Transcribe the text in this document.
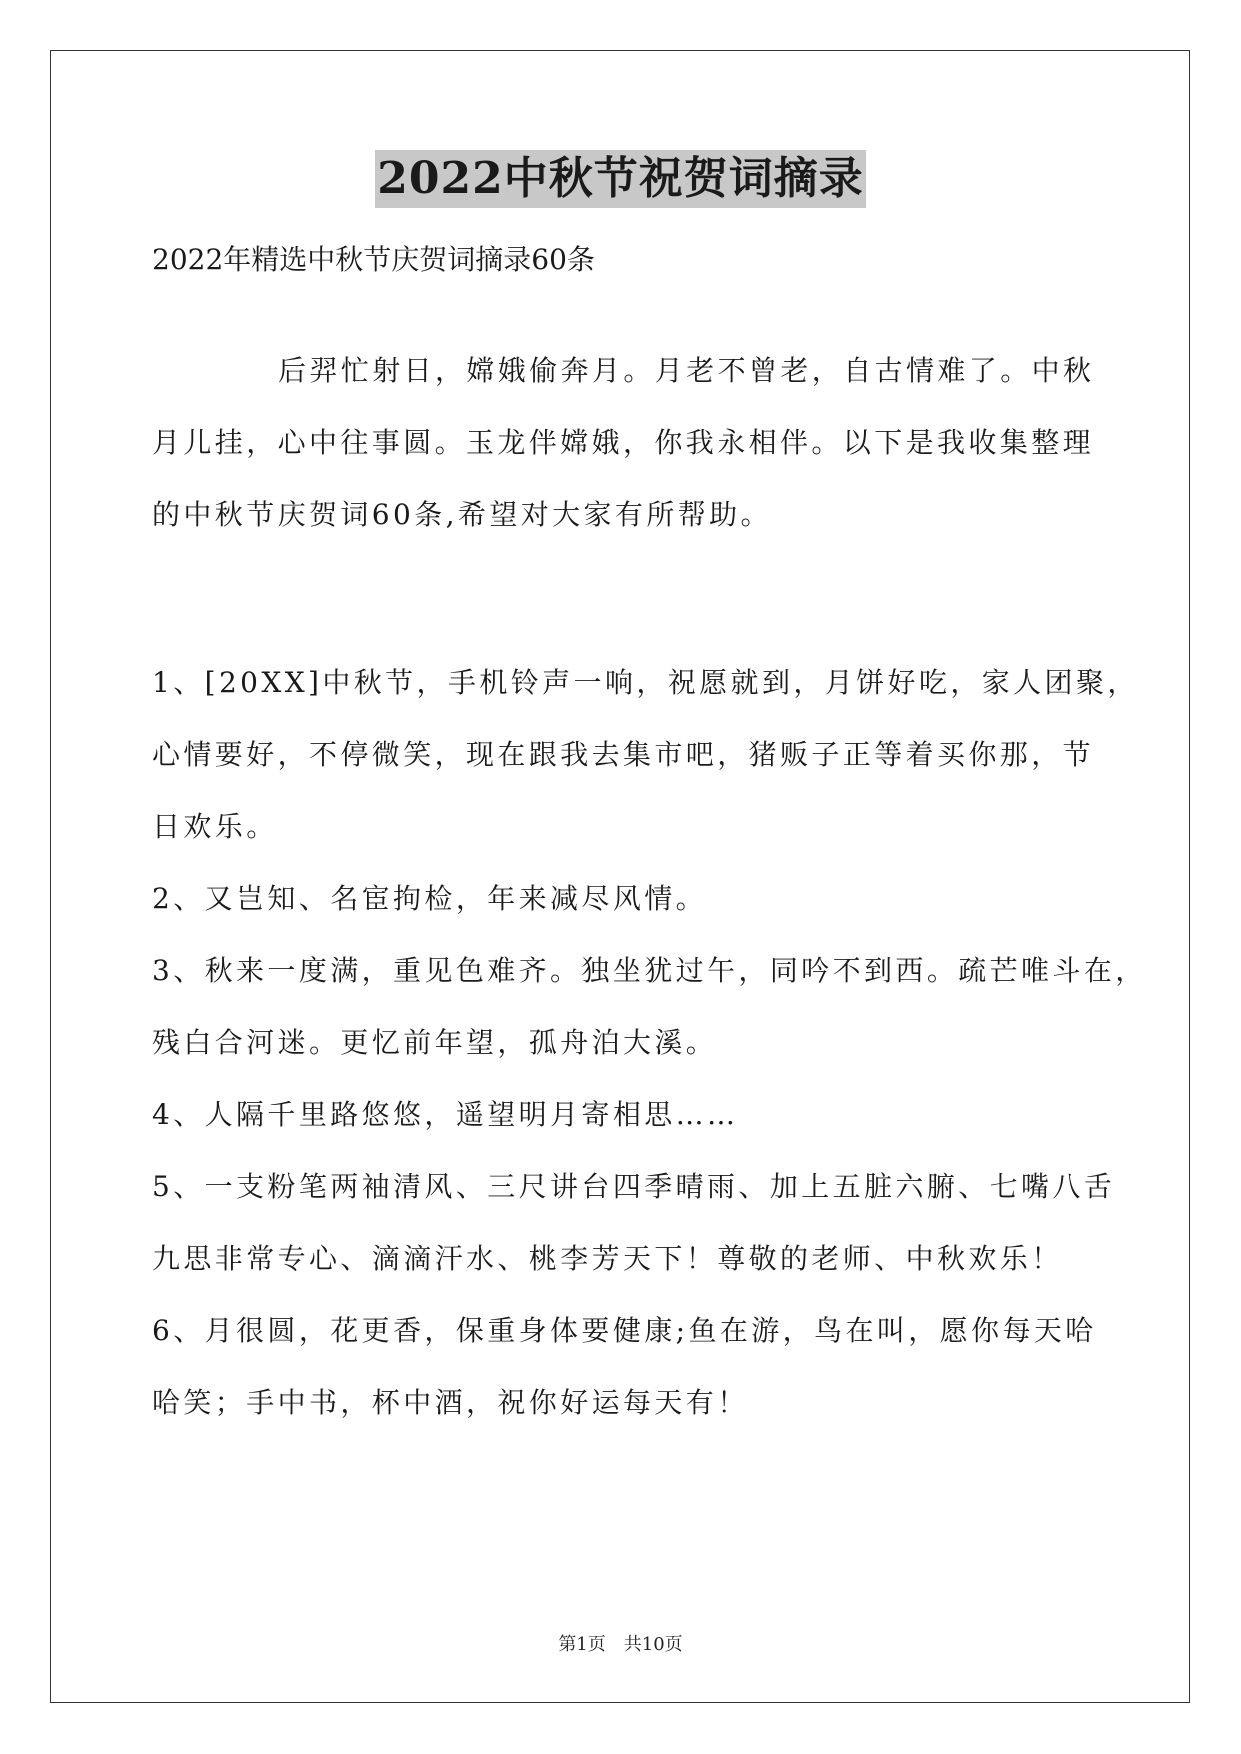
2022中秋节祝贺词摘录
2022年精选中秋节庆贺词摘录60条
后羿忙射日，嫦娥偷奔月。月老不曾老，自古情难了。中秋
月儿挂，心中往事圆。玉龙伴嫦娥，你我永相伴。以下是我收集整理
的中秋节庆贺词60条,希望对大家有所帮助。
1、[20XX]中秋节，手机铃声一响，祝愿就到，月饼好吃，家人团聚，
心情要好，不停微笑，现在跟我去集市吧，猪贩子正等着买你那，节
日欢乐。
2、又岂知、名宦拘检，年来减尽风情。
3、秋来一度满，重见色难齐。独坐犹过午，同吟不到西。疏芒唯斗在，
残白合河迷。更忆前年望，孤舟泊大溪。
4、人隔千里路悠悠，遥望明月寄相思……
5、一支粉笔两袖清风、三尺讲台四季晴雨、加上五脏六腑、七嘴八舌
九思非常专心、滴滴汗水、桃李芳天下！尊敬的老师、中秋欢乐！
6、月很圆，花更香，保重身体要健康;鱼在游，鸟在叫，愿你每天哈
哈笑；手中书，杯中酒，祝你好运每天有！
第1页　共10页
